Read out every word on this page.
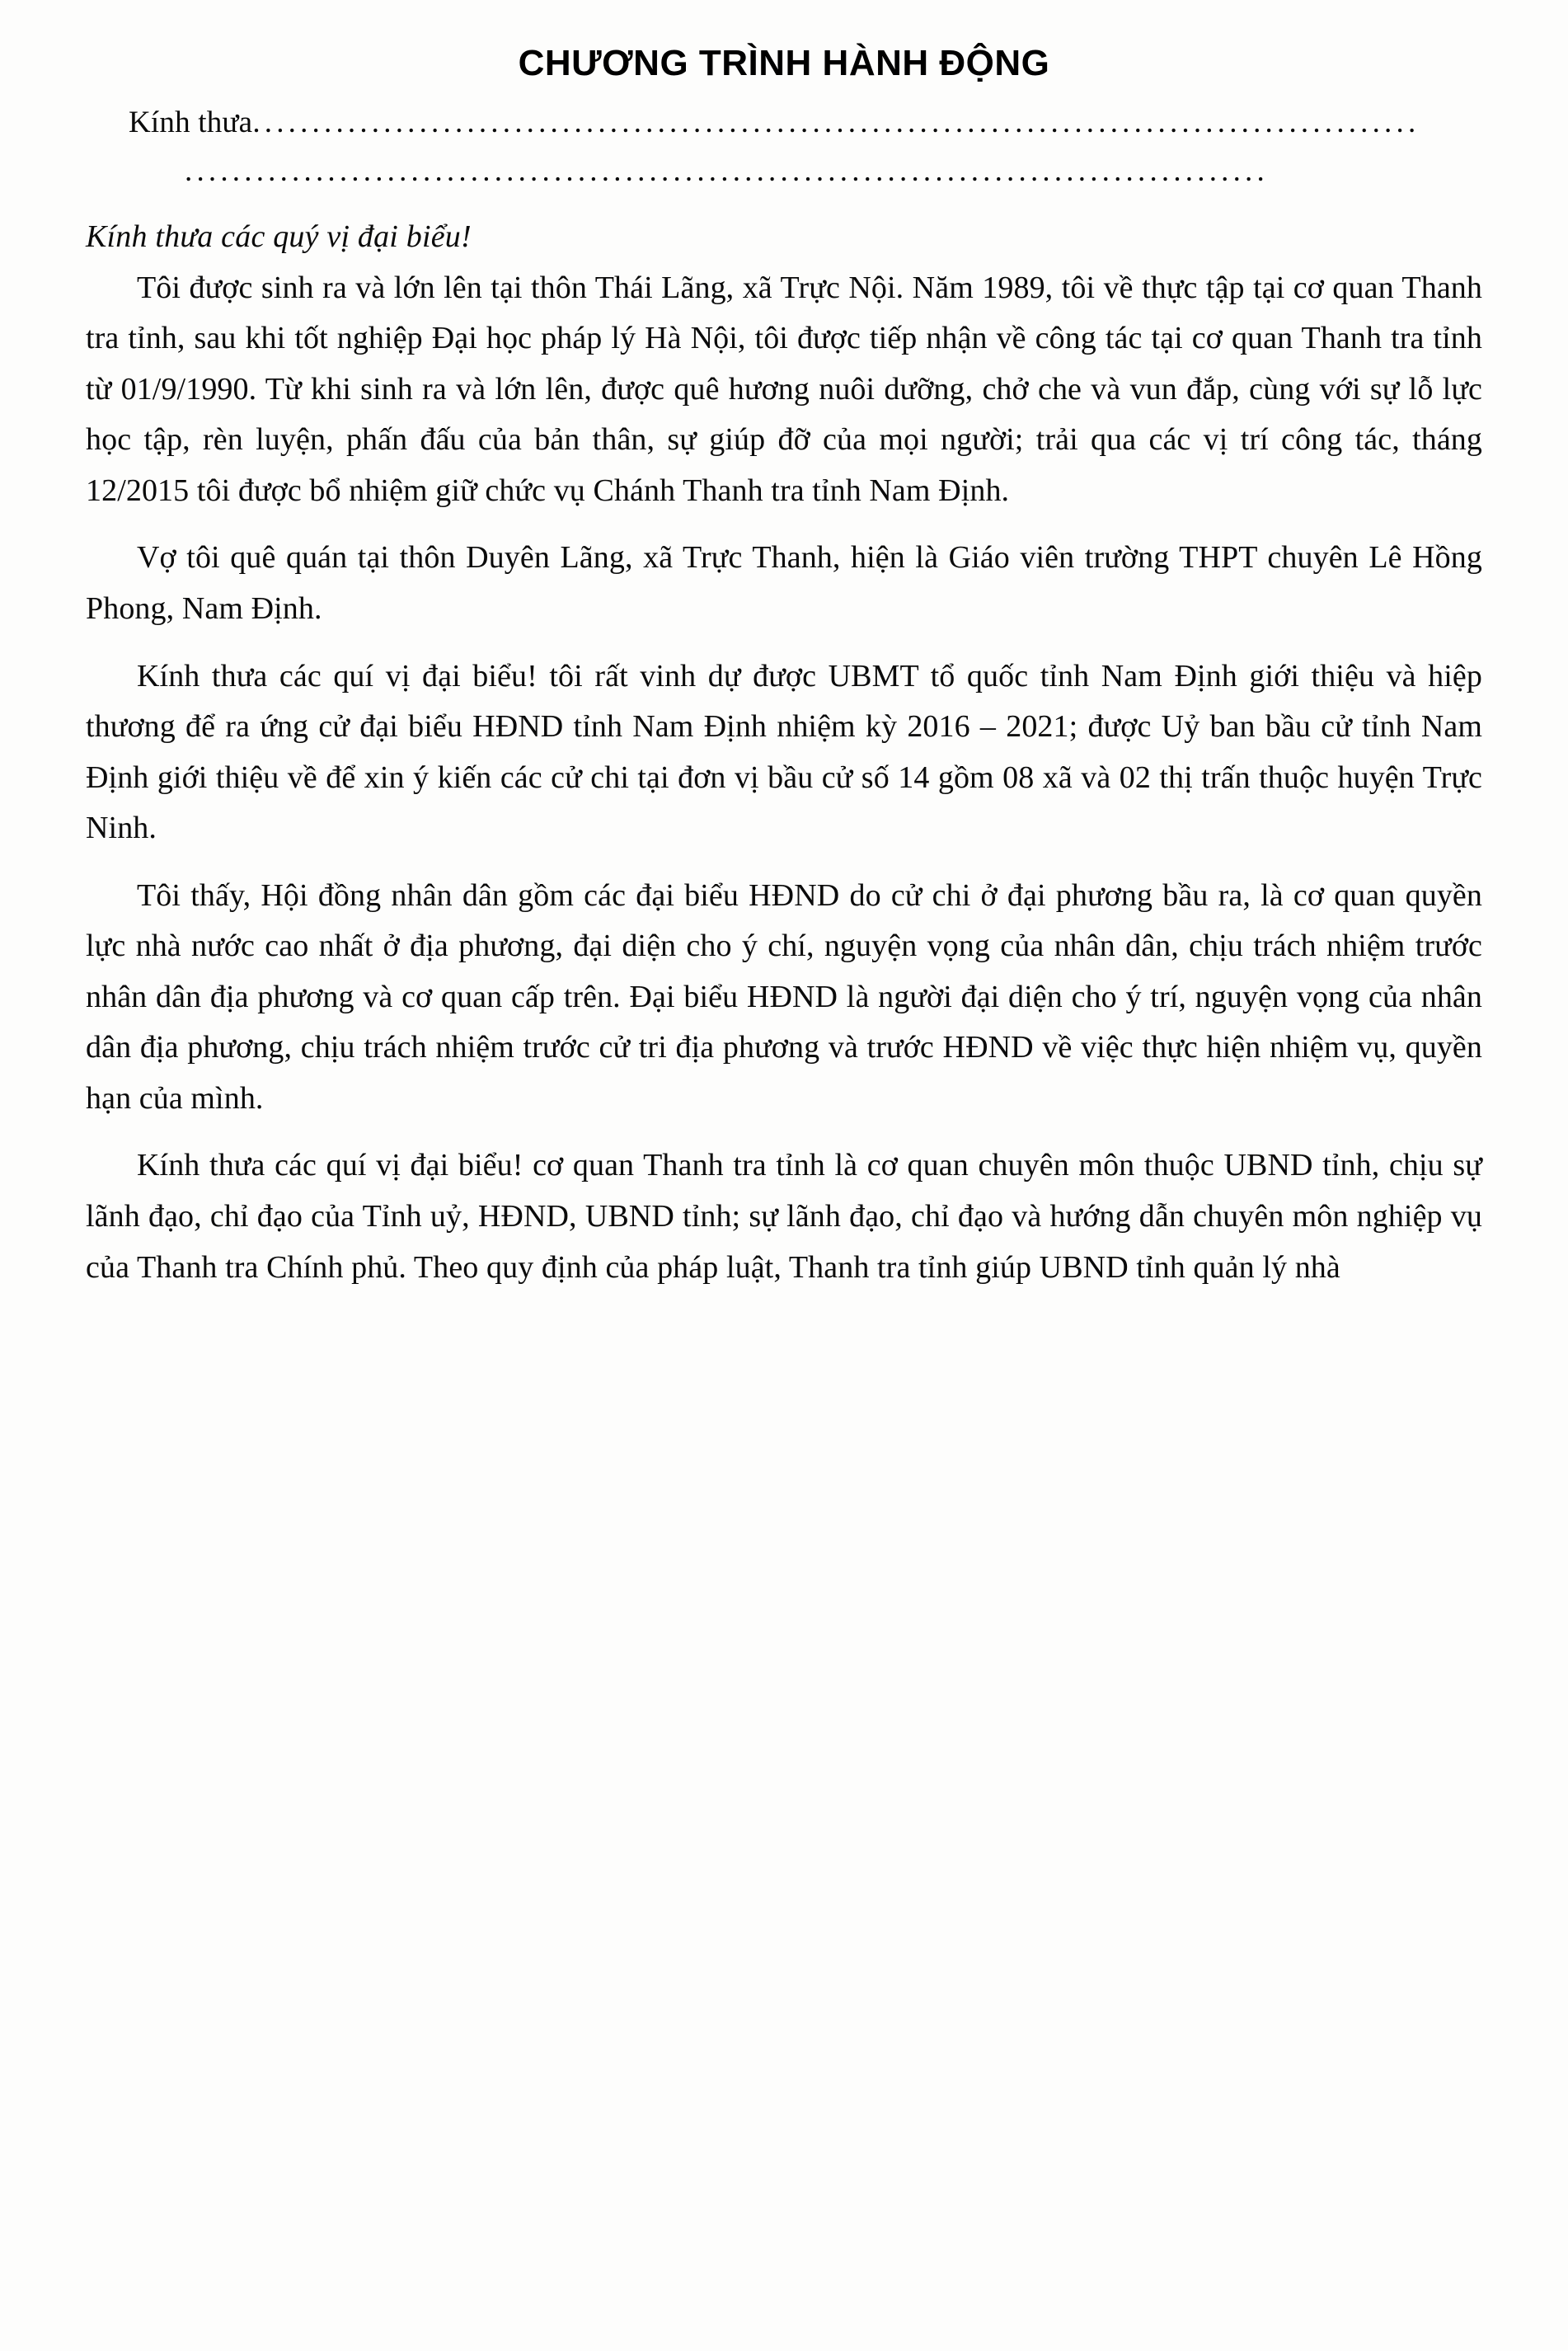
CHƯƠNG TRÌNH HÀNH ĐỘNG
Kính thưa..................................................................................................
...........................................................................................
Kính thưa các quý vị đại biểu!

Tôi được sinh ra và lớn lên tại thôn Thái Lãng, xã Trực Nội. Năm 1989, tôi về thực tập tại cơ quan Thanh tra tỉnh, sau khi tốt nghiệp Đại học pháp lý Hà Nội, tôi được tiếp nhận về công tác tại cơ quan Thanh tra tỉnh từ 01/9/1990. Từ khi sinh ra và lớn lên, được quê hương nuôi dưỡng, chở che và vun đắp, cùng với sự lỗ lực học tập, rèn luyện, phấn đấu của bản thân, sự giúp đỡ của mọi người; trải qua các vị trí công tác, tháng 12/2015 tôi được bổ nhiệm giữ chức vụ Chánh Thanh tra tỉnh Nam Định.

Vợ tôi quê quán tại thôn Duyên Lãng, xã Trực Thanh, hiện là Giáo viên trường THPT chuyên Lê Hồng Phong, Nam Định.

Kính thưa các quí vị đại biểu! tôi rất vinh dự được UBMT tổ quốc tỉnh Nam Định giới thiệu và hiệp thương để ra ứng cử đại biểu HĐND tỉnh Nam Định nhiệm kỳ 2016 – 2021; được Uỷ ban bầu cử tỉnh Nam Định giới thiệu về để xin ý kiến các cử chi tại đơn vị bầu cử số 14 gồm 08 xã và 02 thị trấn thuộc huyện Trực Ninh.

Tôi thấy, Hội đồng nhân dân gồm các đại biểu HĐND do cử chi ở đại phương bầu ra, là cơ quan quyền lực nhà nước cao nhất ở địa phương, đại diện cho ý chí, nguyện vọng của nhân dân, chịu trách nhiệm trước nhân dân địa phương và cơ quan cấp trên. Đại biểu HĐND là người đại diện cho ý trí, nguyện vọng của nhân dân địa phương, chịu trách nhiệm trước cử tri địa phương và trước HĐND về việc thực hiện nhiệm vụ, quyền hạn của mình.

Kính thưa các quí vị đại biểu! cơ quan Thanh tra tỉnh là cơ quan chuyên môn thuộc UBND tỉnh, chịu sự lãnh đạo, chỉ đạo của Tỉnh uỷ, HĐND, UBND tỉnh; sự lãnh đạo, chỉ đạo và hướng dẫn chuyên môn nghiệp vụ của Thanh tra Chính phủ. Theo quy định của pháp luật, Thanh tra tỉnh giúp UBND tỉnh quản lý nhà
